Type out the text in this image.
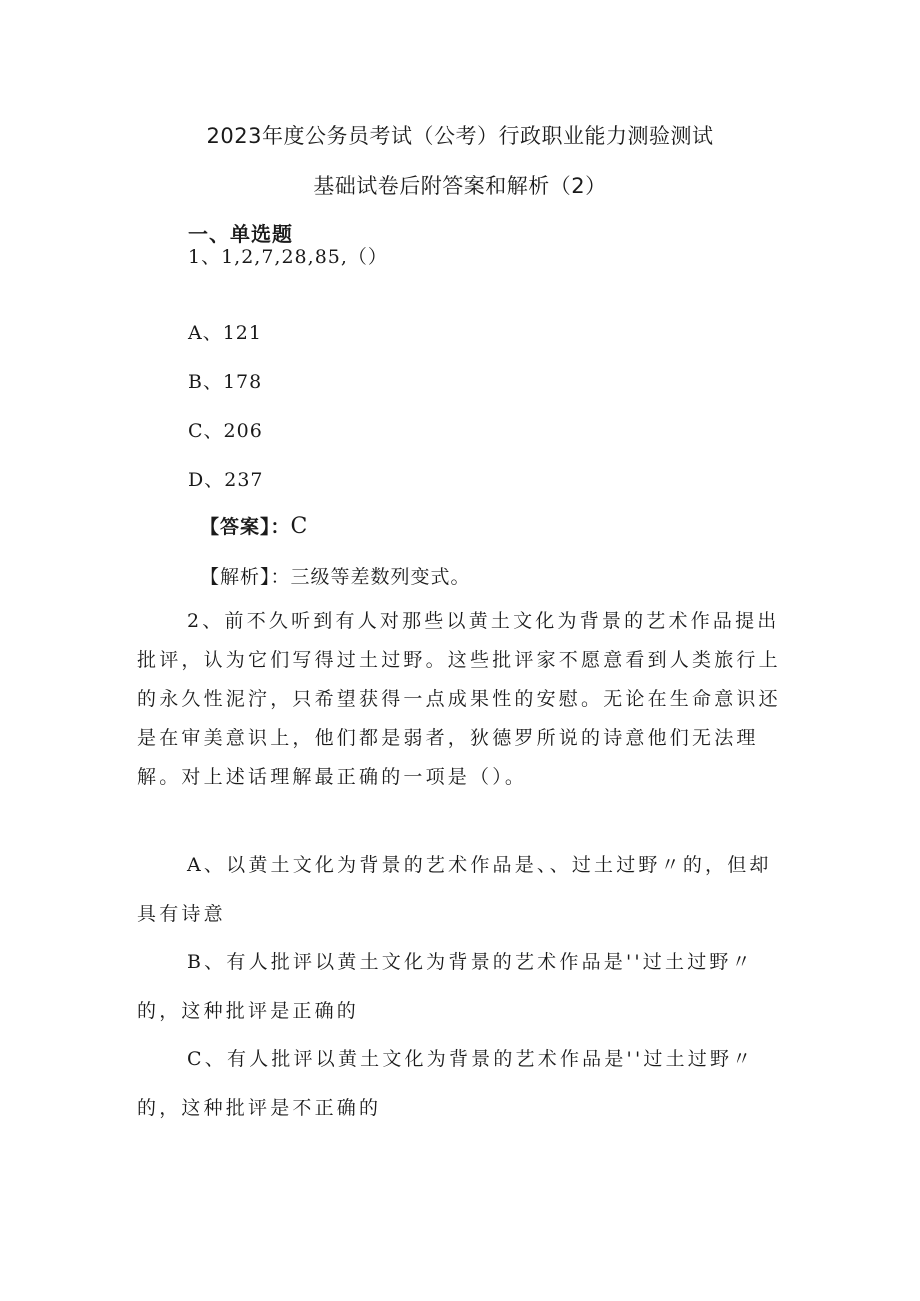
2023年度公务员考试（公考）行政职业能力测验测试
基础试卷后附答案和解析（2）
一、单选题
1、1,2,7,28,85,（）
A、121
B、178
C、206
D、237
【答案】：C
【解析】：三级等差数列变式。

2、前不久听到有人对那些以黄土文化为背景的艺术作品提出批评，认为它们写得过土过野。这些批评家不愿意看到人类旅行上的永久性泥泞，只希望获得一点成果性的安慰。无论在生命意识还是在审美意识上，他们都是弱者，狄德罗所说的诗意他们无法理解。对上述话理解最正确的一项是（）。

A、以黄土文化为背景的艺术作品是、、过土过野〃的，但却具有诗意

B、有人批评以黄土文化为背景的艺术作品是''过土过野〃的，这种批评是正确的

C、有人批评以黄土文化为背景的艺术作品是''过土过野〃的，这种批评是不正确的
